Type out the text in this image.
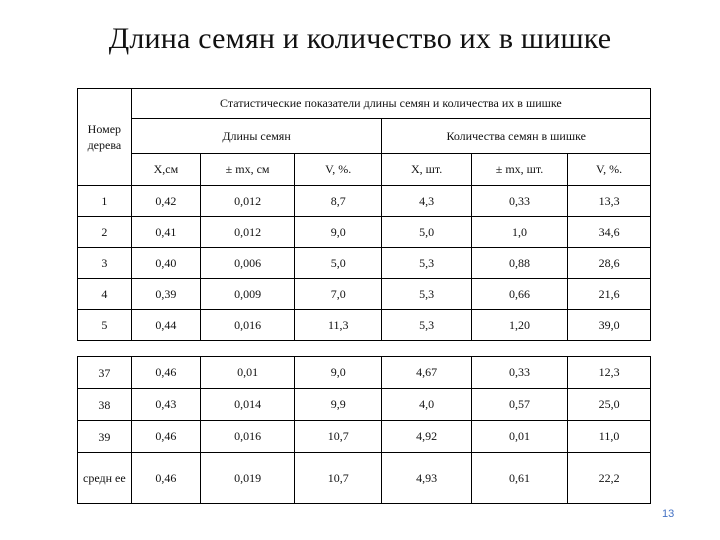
Длина семян и количество их в шишке
Номер дерева	Статистические показатели длины семян и количества их в шишке					
	Длины семян			Количества семян в шишке		
	X,см	± mx, см	V, %.	X, шт.	± mx, шт.	V, %.
1	0,42	0,012	8,7	4,3	0,33	13,3
2	0,41	0,012	9,0	5,0	1,0	34,6
3	0,40	0,006	5,0	5,3	0,88	28,6
4	0,39	0,009	7,0	5,3	0,66	21,6
5	0,44	0,016	11,3	5,3	1,20	39,0
37	0,46	0,01	9,0	4,67	0,33	12,3
38	0,43	0,014	9,9	4,0	0,57	25,0
39	0,46	0,016	10,7	4,92	0,01	11,0
средн ее	0,46	0,019	10,7	4,93	0,61	22,2
13
